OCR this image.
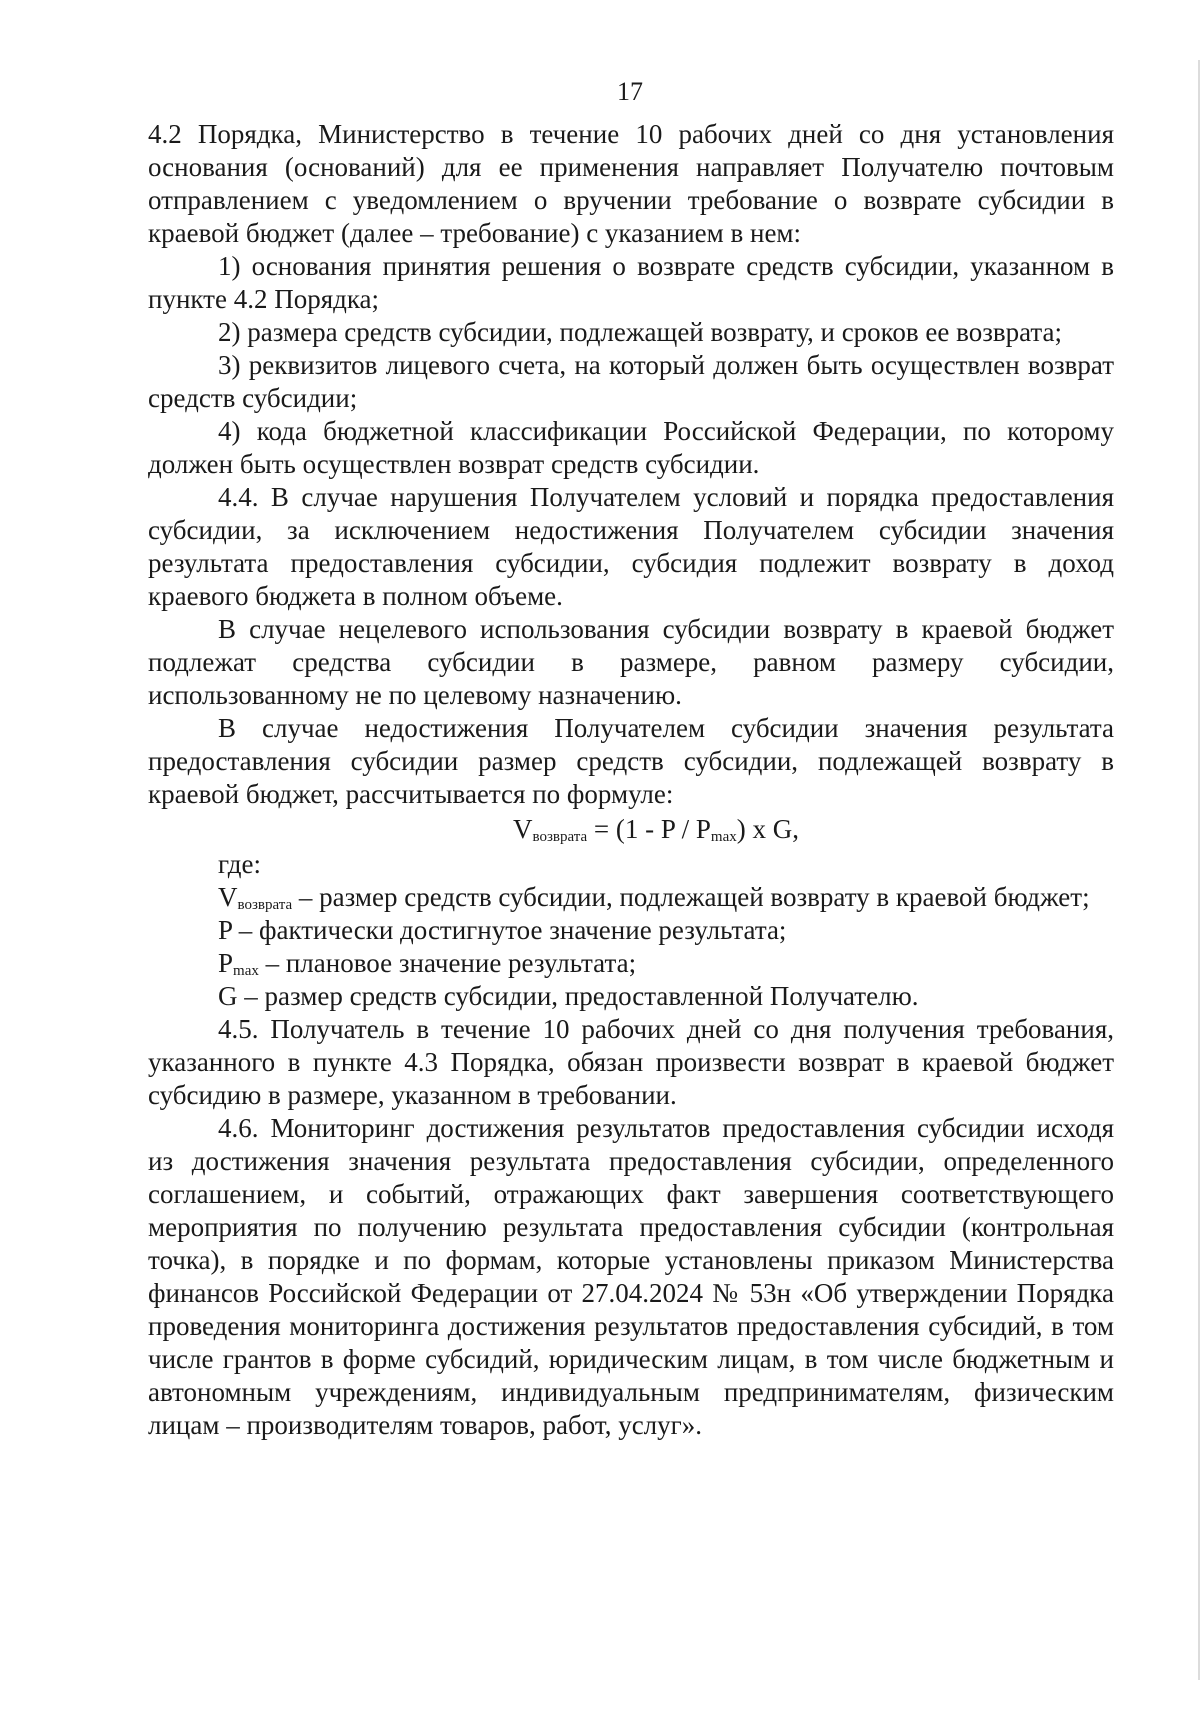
17

4.2 Порядка, Министерство в течение 10 рабочих дней со дня установления основания (оснований) для ее применения направляет Получателю почтовым отправлением с уведомлением о вручении требование о возврате субсидии в краевой бюджет (далее – требование) с указанием в нем:

1) основания принятия решения о возврате средств субсидии, указанном в пункте 4.2 Порядка;

2) размера средств субсидии, подлежащей возврату, и сроков ее возврата;

3) реквизитов лицевого счета, на который должен быть осуществлен возврат средств субсидии;

4) кода бюджетной классификации Российской Федерации, по которому должен быть осуществлен возврат средств субсидии.

4.4. В случае нарушения Получателем условий и порядка предоставления субсидии, за исключением недостижения Получателем субсидии значения результата предоставления субсидии, субсидия подлежит возврату в доход краевого бюджета в полном объеме.

В случае нецелевого использования субсидии возврату в краевой бюджет подлежат средства субсидии в размере, равном размеру субсидии, использованному не по целевому назначению.

В случае недостижения Получателем субсидии значения результата предоставления субсидии размер средств субсидии, подлежащей возврату в краевой бюджет, рассчитывается по формуле:

$V_{возврата} = (1 - P / P_{max})$ x G,

где:

$V_{возврата}$ – размер средств субсидии, подлежащей возврату в краевой бюджет;

P – фактически достигнутое значение результата;

$P_{max}$ – плановое значение результата;

G – размер средств субсидии, предоставленной Получателю.

4.5. Получатель в течение 10 рабочих дней со дня получения требования, указанного в пункте 4.3 Порядка, обязан произвести возврат в краевой бюджет субсидию в размере, указанном в требовании.

4.6. Мониторинг достижения результатов предоставления субсидии исходя из достижения значения результата предоставления субсидии, определенного соглашением, и событий, отражающих факт завершения соответствующего мероприятия по получению результата предоставления субсидии (контрольная точка), в порядке и по формам, которые установлены приказом Министерства финансов Российской Федерации от 27.04.2024 № 53н «Об утверждении Порядка проведения мониторинга достижения результатов предоставления субсидий, в том числе грантов в форме субсидий, юридическим лицам, в том числе бюджетным и автономным учреждениям, индивидуальным предпринимателям, физическим лицам – производителям товаров, работ, услуг».
